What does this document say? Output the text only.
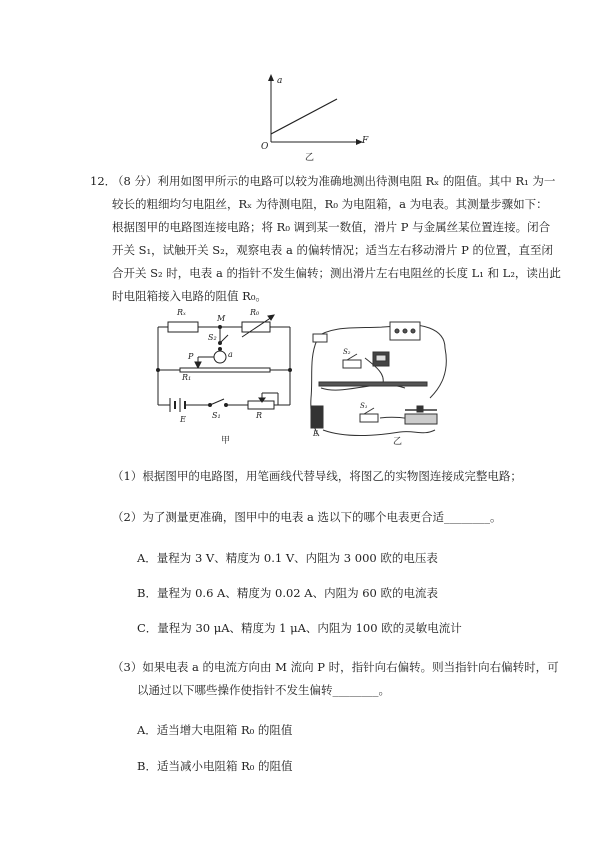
a
O
F
乙
12．
（8 分）利用如图甲所示的电路可以较为准确地测出待测电阻 Rₓ 的阻值。其中 R₁ 为一
较长的粗细均匀电阻丝，Rₓ 为待测电阻，R₀ 为电阻箱，a 为电表。其测量步骤如下：
根据图甲的电路图连接电路；将 R₀ 调到某一数值，滑片 P 与金属丝某位置连接。闭合
开关 S₁，试触开关 S₂，观察电表 a 的偏转情况；适当左右移动滑片 P 的位置，直至闭
合开关 S₂ 时，电表 a 的指针不发生偏转；测出滑片左右电阻丝的长度 L₁ 和 L₂，读出此
时电阻箱接入电路的阻值 R₀。
Rₓ
M
R₀
S₂
a
P
R₁
E	S₁	R
甲
S₂
S₁
E
乙
（1）根据图甲的电路图，用笔画线代替导线，将图乙的实物图连接成完整电路；
（2）为了测量更准确，图甲中的电表 a 选以下的哪个电表更合适________。
A．量程为 3 V、精度为 0.1 V、内阻为 3 000 欧的电压表
B．量程为 0.6 A、精度为 0.02 A、内阻为 60 欧的电流表
C．量程为 30 μA、精度为 1 μA、内阻为 100 欧的灵敏电流计
（3）如果电表 a 的电流方向由 M 流向 P 时，指针向右偏转。则当指针向右偏转时，可
以通过以下哪些操作使指针不发生偏转________。
A．适当增大电阻箱 R₀ 的阻值
B．适当减小电阻箱 R₀ 的阻值
